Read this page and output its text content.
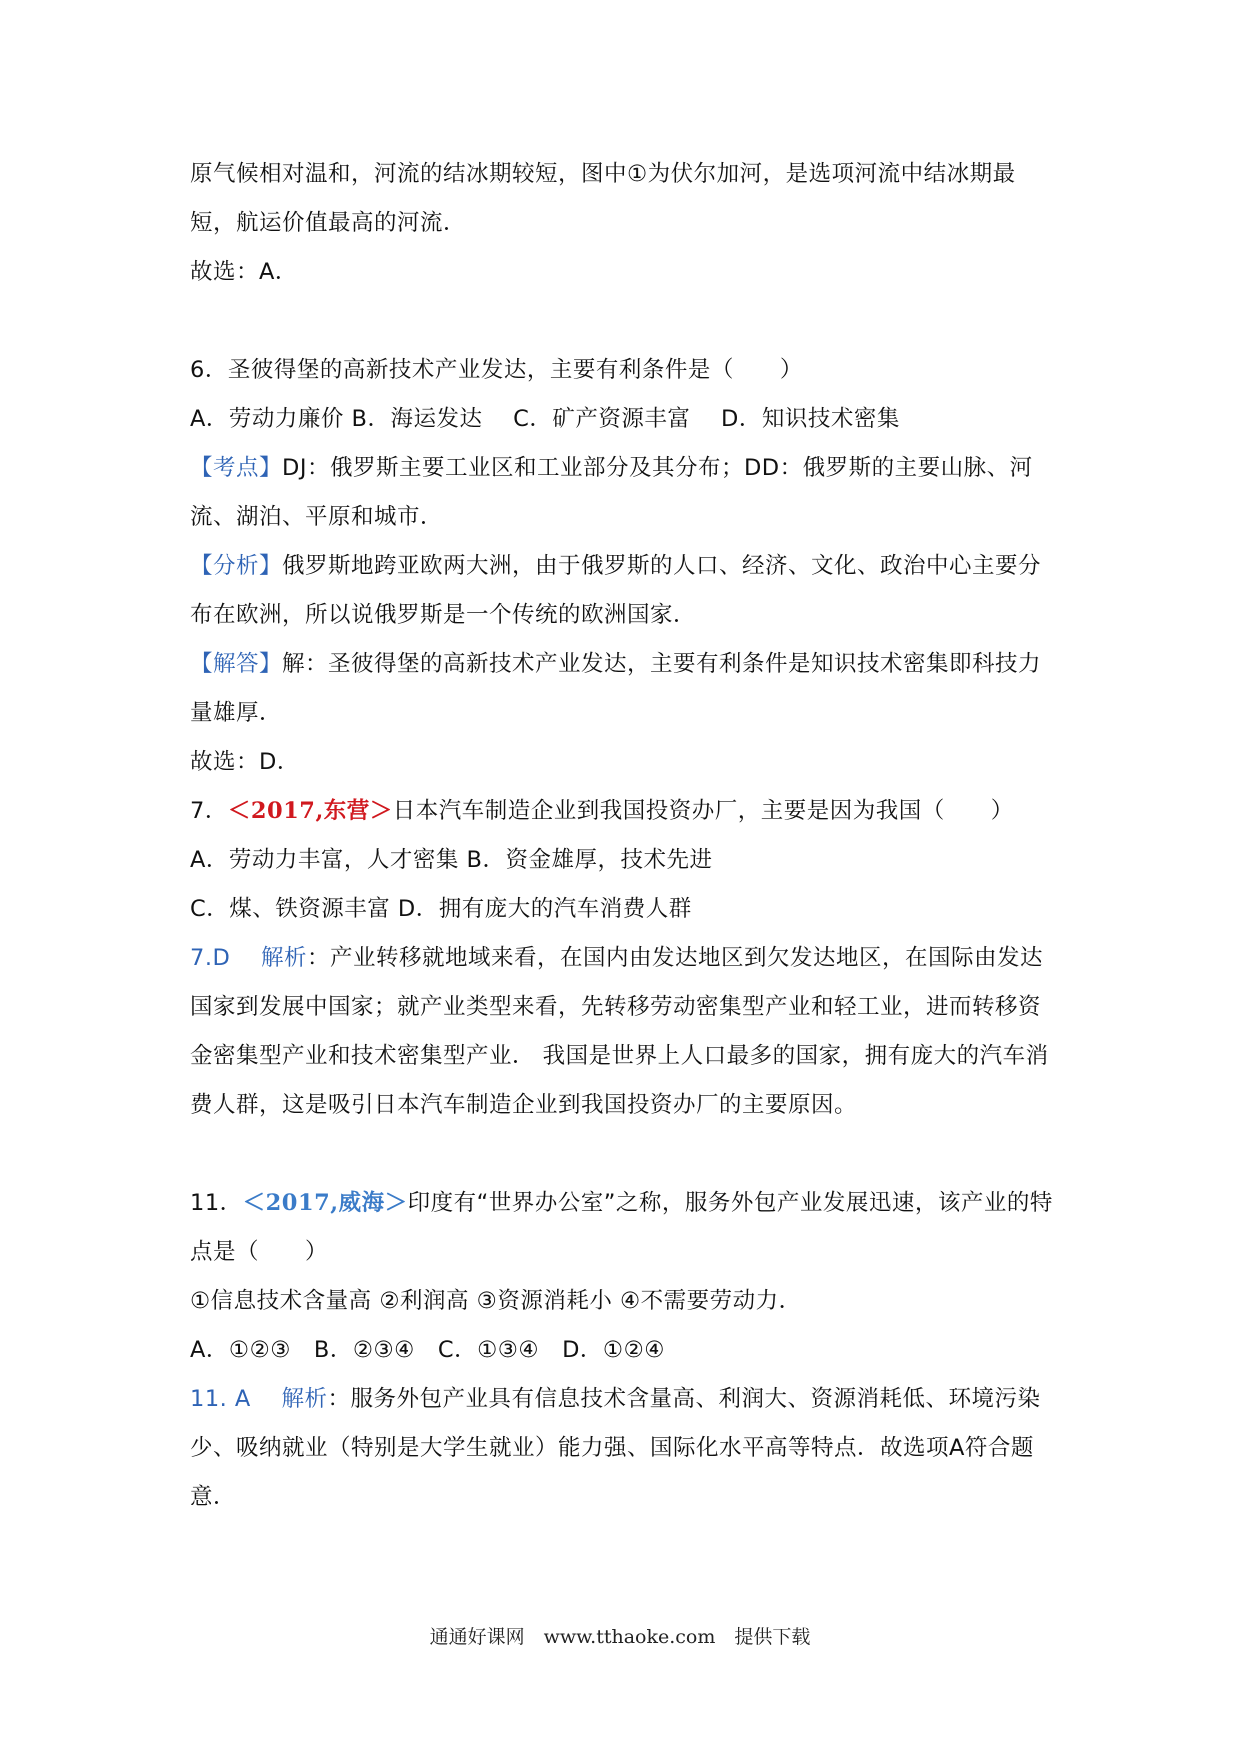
原气候相对温和，河流的结冰期较短，图中①为伏尔加河，是选项河流中结冰期最短，航运价值最高的河流．

故选：A．

6．圣彼得堡的高新技术产业发达，主要有利条件是（　　）

A．劳动力廉价 B．海运发达　 C．矿产资源丰富　 D．知识技术密集

【考点】DJ：俄罗斯主要工业区和工业部分及其分布；DD：俄罗斯的主要山脉、河流、湖泊、平原和城市．

【分析】俄罗斯地跨亚欧两大洲，由于俄罗斯的人口、经济、文化、政治中心主要分布在欧洲，所以说俄罗斯是一个传统的欧洲国家．

【解答】解：圣彼得堡的高新技术产业发达，主要有利条件是知识技术密集即科技力量雄厚．

故选：D．

7．＜2017,东营＞日本汽车制造企业到我国投资办厂，主要是因为我国（　　）

A．劳动力丰富，人才密集 B．资金雄厚，技术先进

C．煤、铁资源丰富 D．拥有庞大的汽车消费人群

7.D　 解析：产业转移就地域来看，在国内由发达地区到欠发达地区，在国际由发达国家到发展中国家；就产业类型来看，先转移劳动密集型产业和轻工业，进而转移资金密集型产业和技术密集型产业． 我国是世界上人口最多的国家，拥有庞大的汽车消费人群，这是吸引日本汽车制造企业到我国投资办厂的主要原因。

11．＜2017,威海＞印度有“世界办公室”之称，服务外包产业发展迅速，该产业的特点是（　　）

①信息技术含量高 ②利润高 ③资源消耗小 ④不需要劳动力．

A．①②③　B．②③④　C．①③④　D．①②④

11. A　 解析：服务外包产业具有信息技术含量高、利润大、资源消耗低、环境污染少、吸纳就业（特别是大学生就业）能力强、国际化水平高等特点．故选项A符合题意．

通通好课网　www.tthaoke.com　提供下载
